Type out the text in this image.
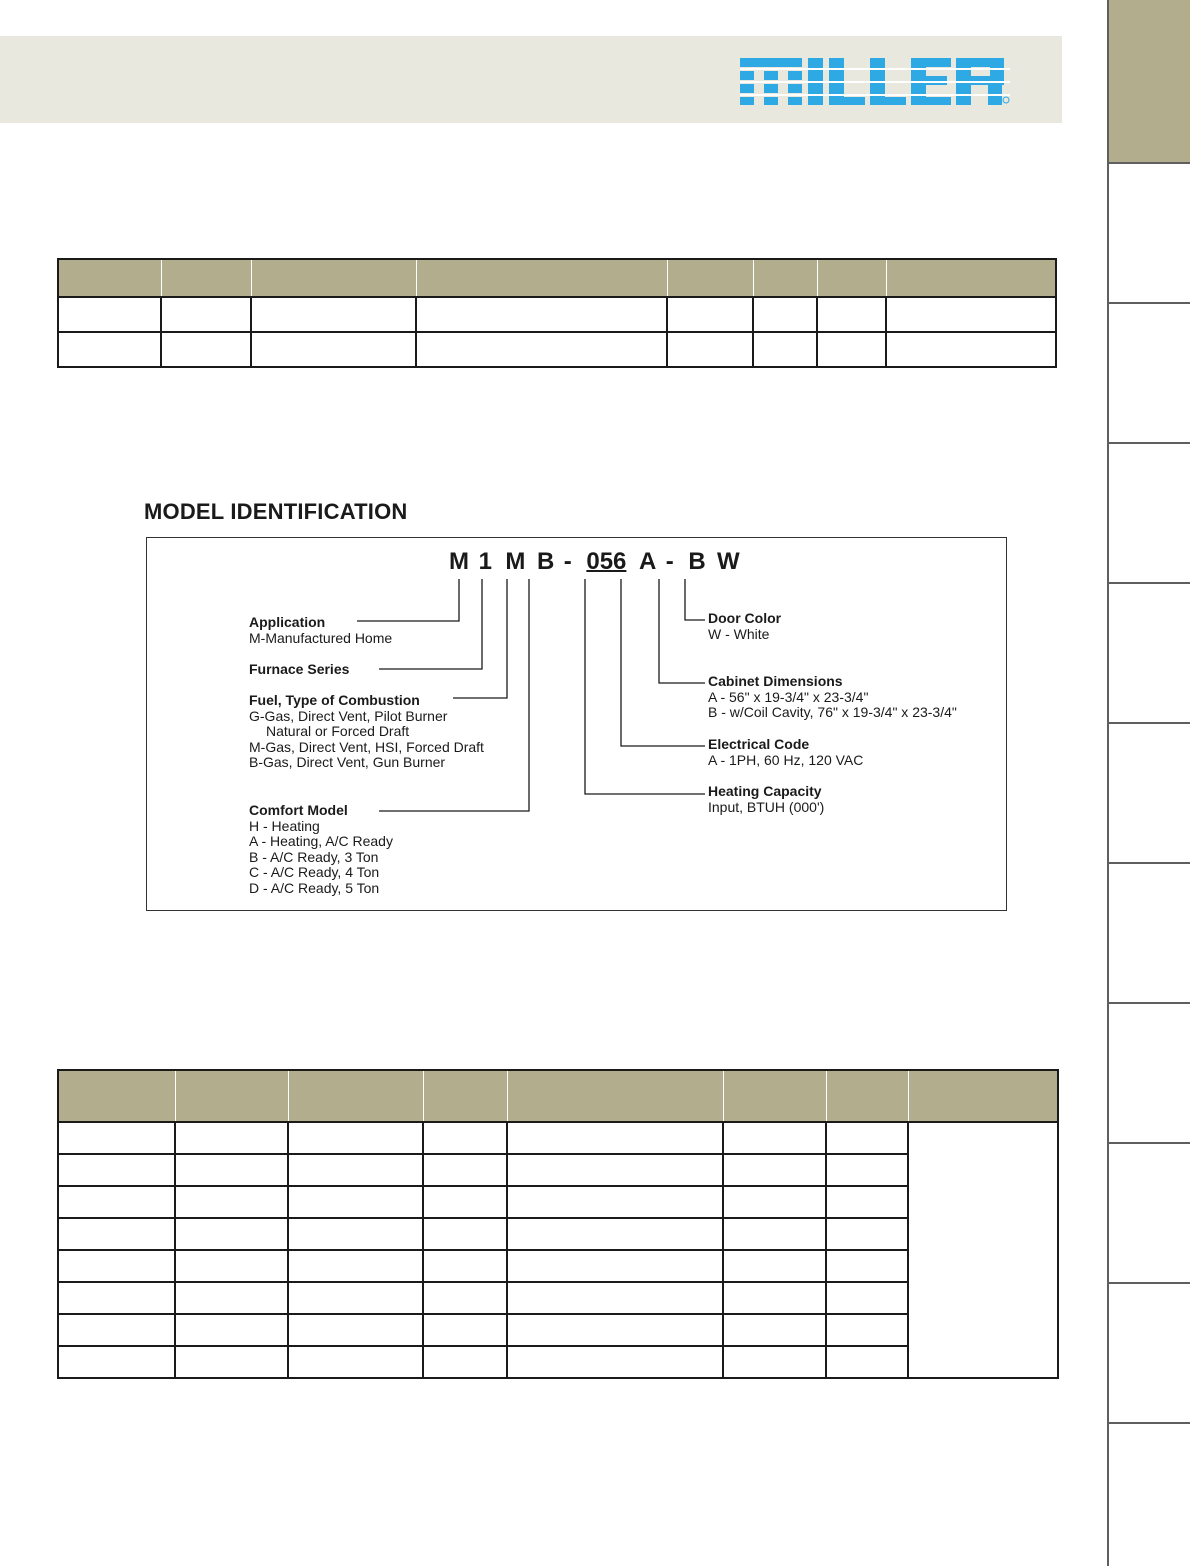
MODEL IDENTIFICATION
M 1 M B - 056 A - B W
Application
M-Manufactured Home
Furnace Series
Fuel, Type of Combustion
G-Gas, Direct Vent, Pilot Burner
Natural or Forced Draft
M-Gas, Direct Vent, HSI, Forced Draft
B-Gas, Direct Vent, Gun Burner
Comfort Model
H - Heating
A - Heating, A/C Ready
B - A/C Ready, 3 Ton
C - A/C Ready, 4 Ton
D - A/C Ready, 5 Ton
Door Color
W - White
Cabinet Dimensions
A - 56" x 19-3/4" x 23-3/4"
B - w/Coil Cavity, 76" x 19-3/4" x 23-3/4"
Electrical Code
A - 1PH, 60 Hz, 120 VAC
Heating Capacity
Input, BTUH (000')
